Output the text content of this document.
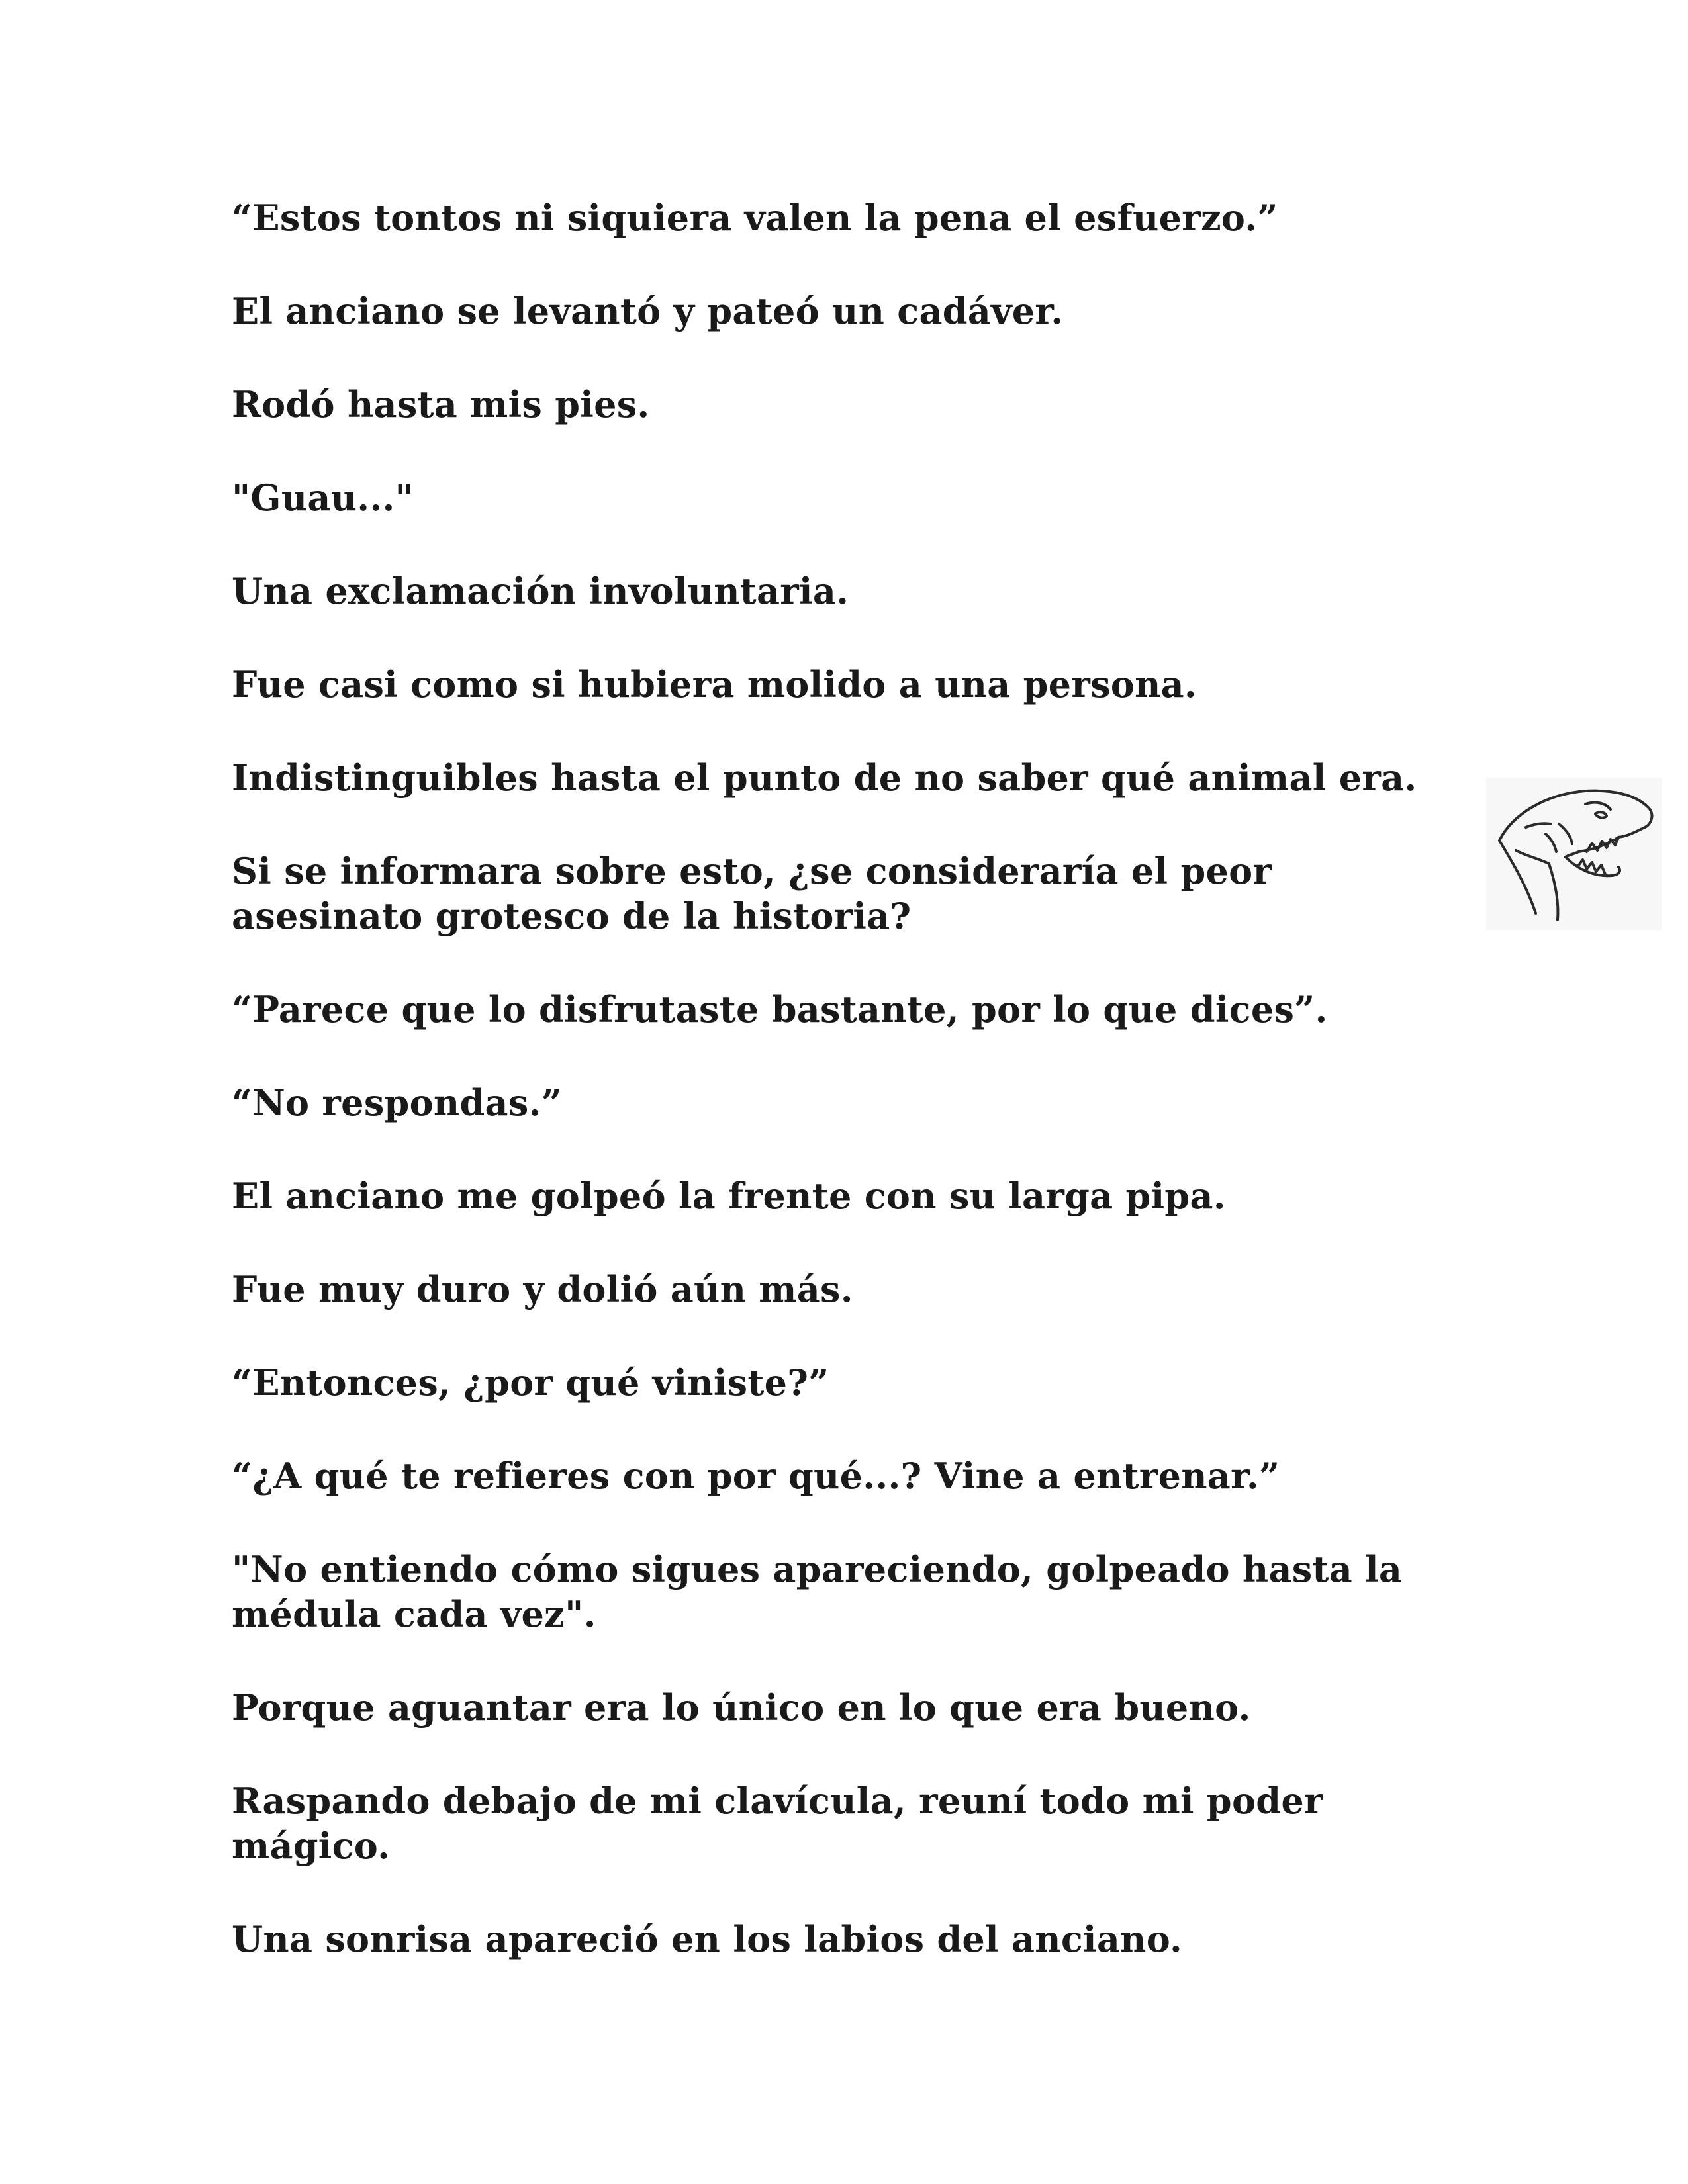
“Estos tontos ni siquiera valen la pena el esfuerzo.”

El anciano se levantó y pateó un cadáver.

Rodó hasta mis pies.

"Guau..."

Una exclamación involuntaria.

Fue casi como si hubiera molido a una persona.

Indistinguibles hasta el punto de no saber qué animal era.

Si se informara sobre esto, ¿se consideraría el peor asesinato grotesco de la historia?

“Parece que lo disfrutaste bastante, por lo que dices”.

“No respondas.”

El anciano me golpeó la frente con su larga pipa.

Fue muy duro y dolió aún más.

“Entonces, ¿por qué viniste?”

“¿A qué te refieres con por qué...? Vine a entrenar.”

"No entiendo cómo sigues apareciendo, golpeado hasta la médula cada vez".

Porque aguantar era lo único en lo que era bueno.

Raspando debajo de mi clavícula, reuní todo mi poder mágico.

Una sonrisa apareció en los labios del anciano.
